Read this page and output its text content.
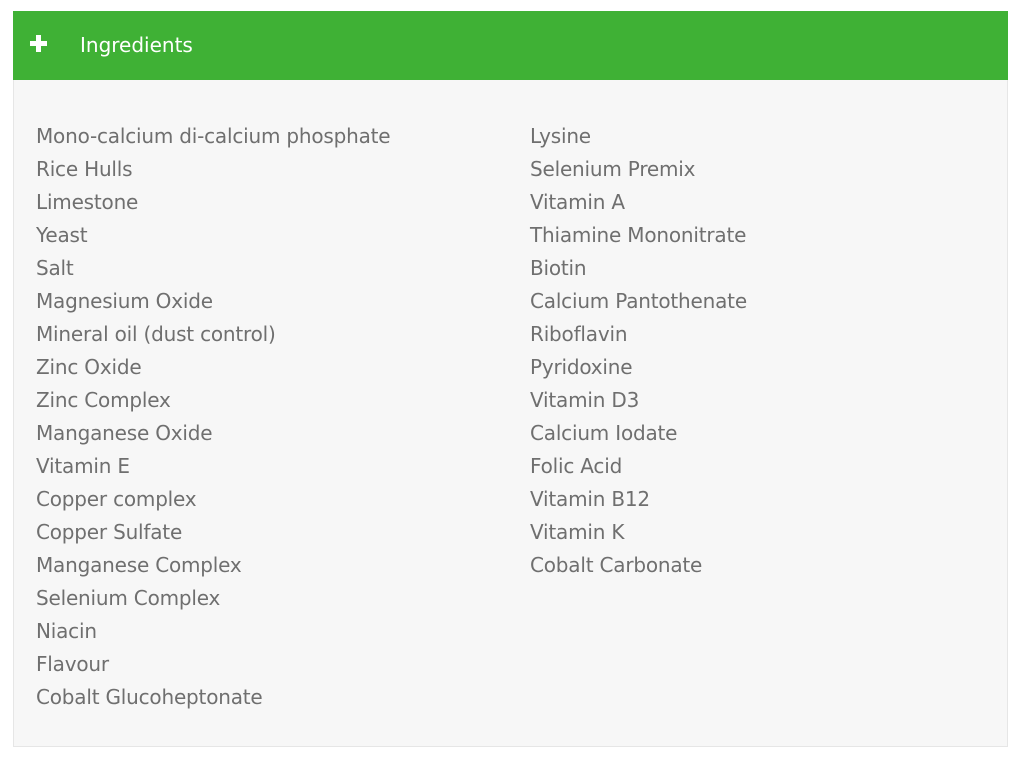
Ingredients
Mono-calcium di-calcium phosphate
Rice Hulls
Limestone
Yeast
Salt
Magnesium Oxide
Mineral oil (dust control)
Zinc Oxide
Zinc Complex
Manganese Oxide
Vitamin E
Copper complex
Copper Sulfate
Manganese Complex
Selenium Complex
Niacin
Flavour
Cobalt Glucoheptonate
Lysine
Selenium Premix
Vitamin A
Thiamine Mononitrate
Biotin
Calcium Pantothenate
Riboflavin
Pyridoxine
Vitamin D3
Calcium Iodate
Folic Acid
Vitamin B12
Vitamin K
Cobalt Carbonate
